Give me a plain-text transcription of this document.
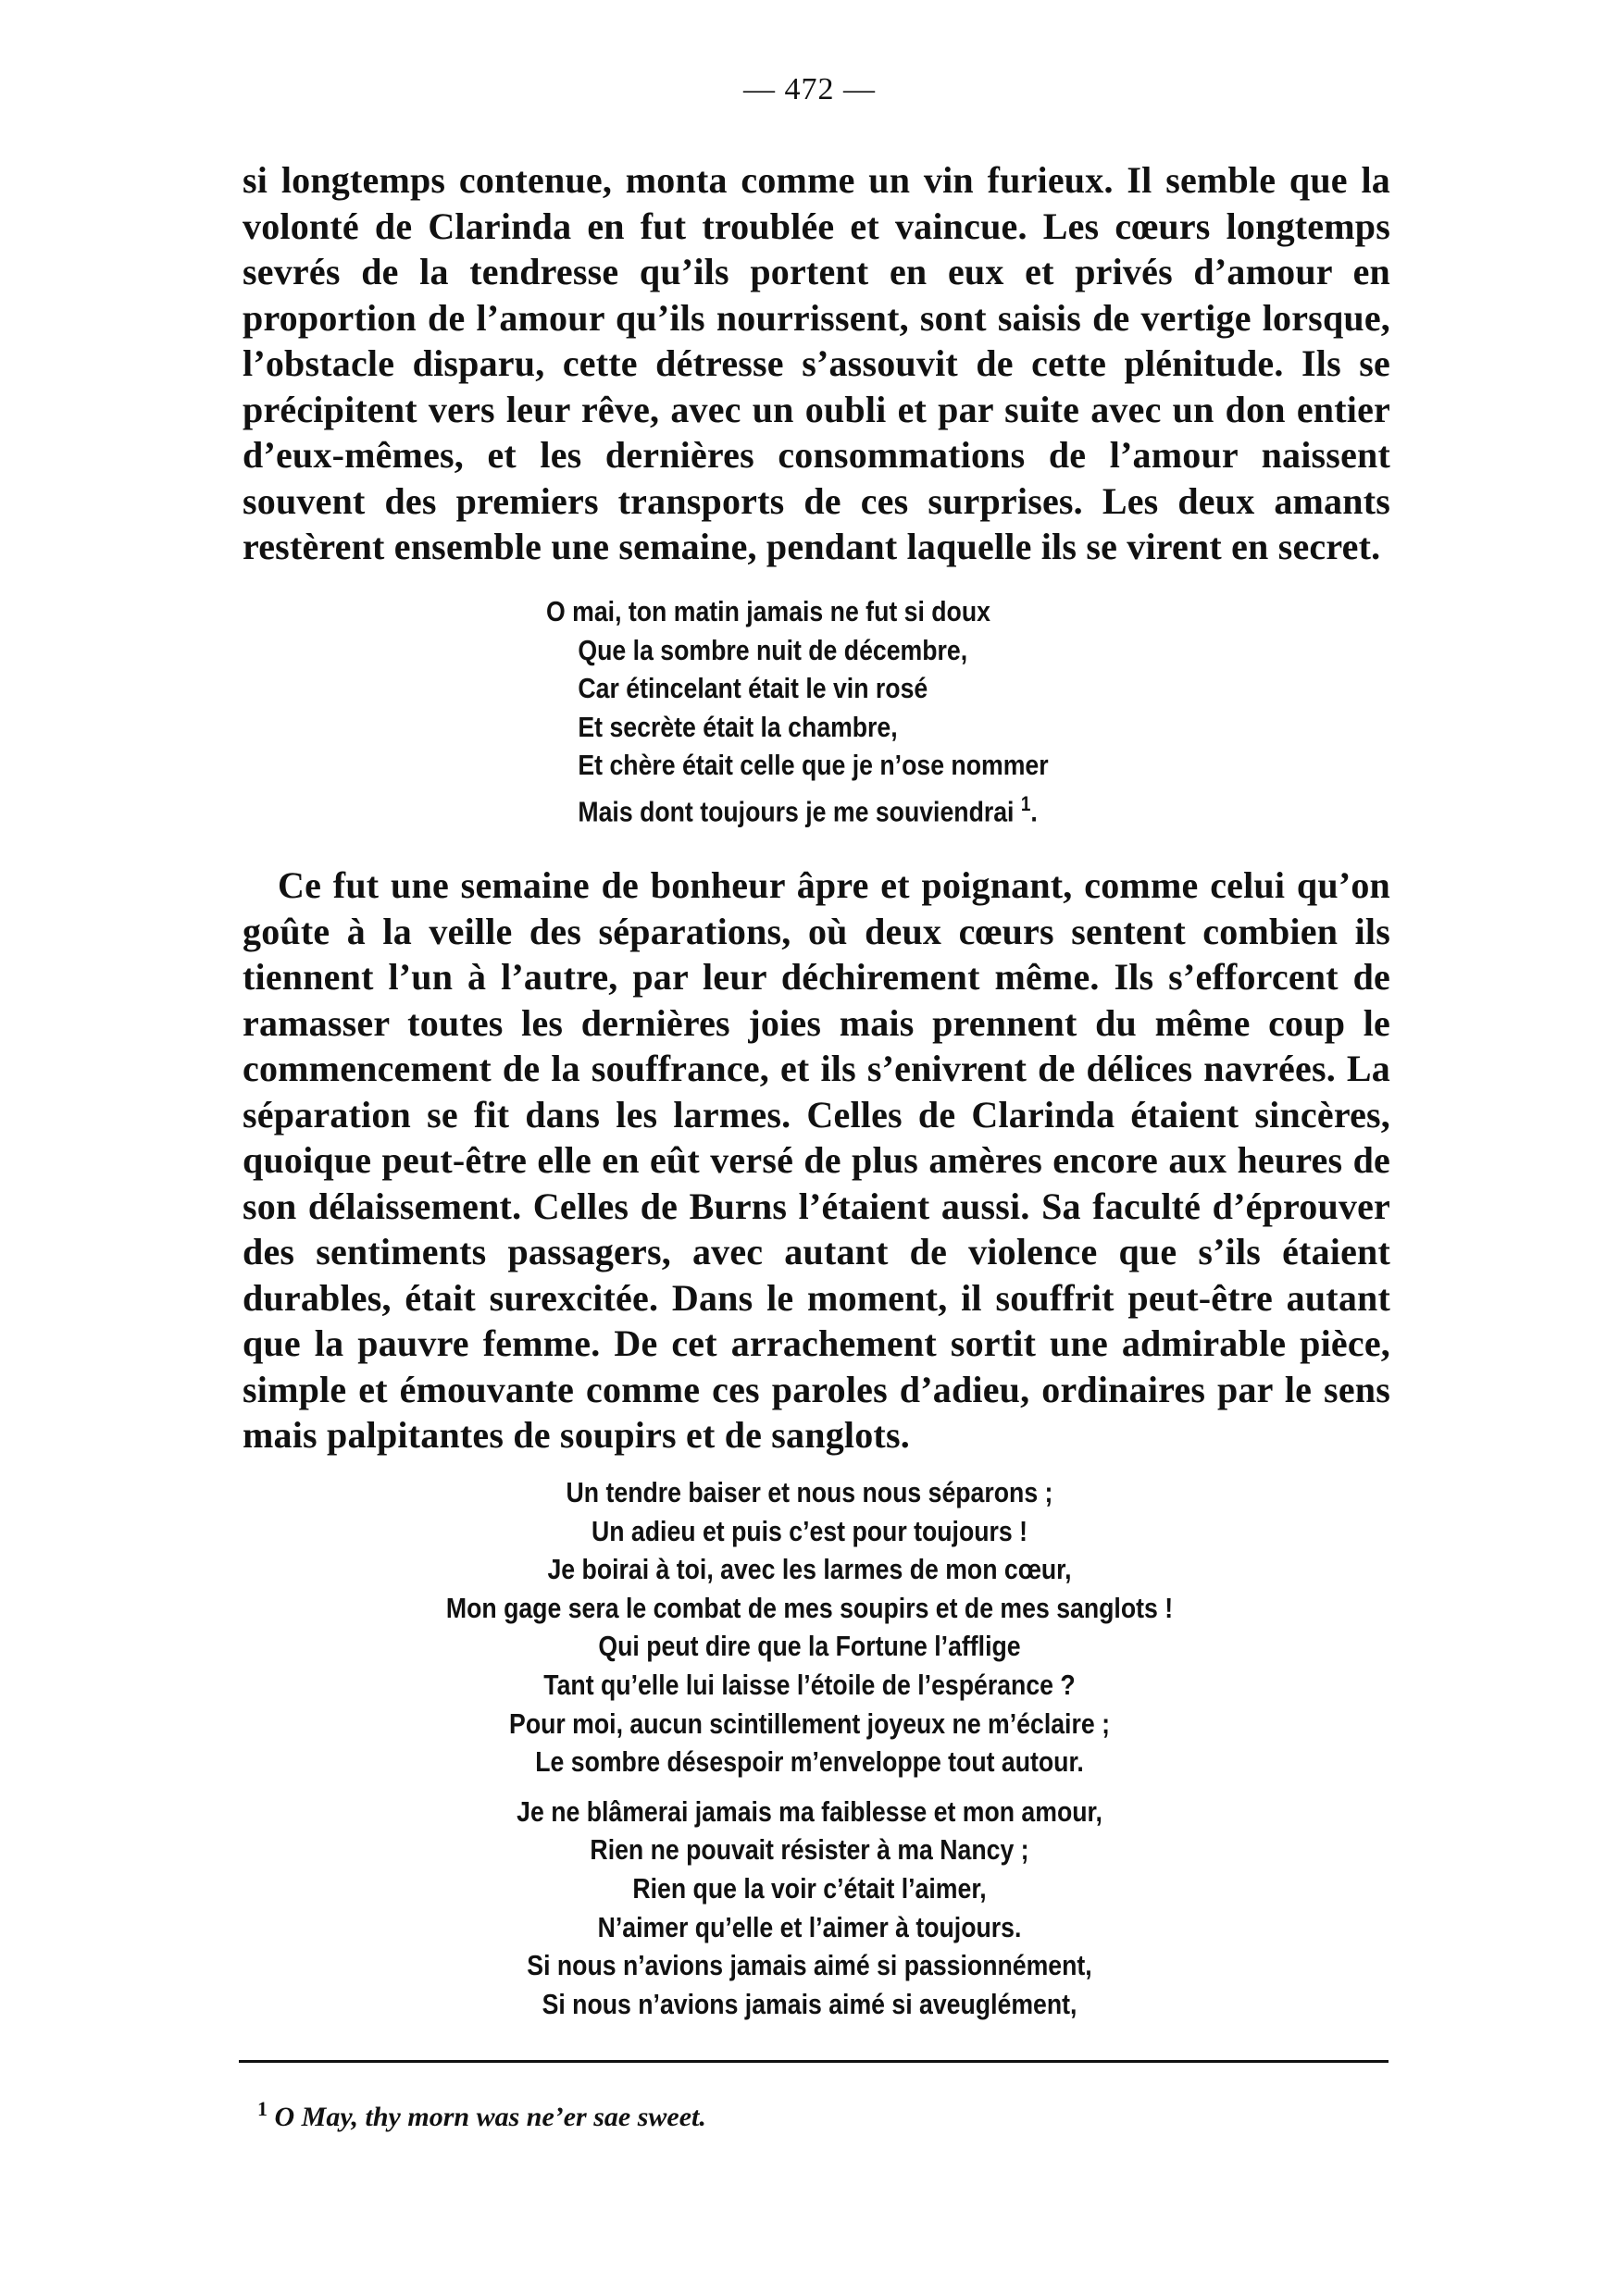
— 472 —

si longtemps contenue, monta comme un vin furieux. Il semble que la volonté de Clarinda en fut troublée et vaincue. Les cœurs longtemps sevrés de la tendresse qu’ils portent en eux et privés d’amour en proportion de l’amour qu’ils nourrissent, sont saisis de vertige lorsque, l’obstacle disparu, cette détresse s’assouvit de cette plénitude. Ils se précipitent vers leur rêve, avec un oubli et par suite avec un don entier d’eux-mêmes, et les dernières consommations de l’amour naissent souvent des premiers transports de ces surprises. Les deux amants restèrent ensemble une semaine, pendant laquelle ils se virent en secret.

O mai, ton matin jamais ne fut si doux
Que la sombre nuit de décembre,
Car étincelant était le vin rosé
Et secrète était la chambre,
Et chère était celle que je n’ose nommer
Mais dont toujours je me souviendrai $^1$.

Ce fut une semaine de bonheur âpre et poignant, comme celui qu’on goûte à la veille des séparations, où deux cœurs sentent combien ils tiennent l’un à l’autre, par leur déchirement même. Ils s’efforcent de ramasser toutes les dernières joies mais prennent du même coup le commencement de la souffrance, et ils s’enivrent de délices navrées. La séparation se fit dans les larmes. Celles de Clarinda étaient sincères, quoique peut-être elle en eût versé de plus amères encore aux heures de son délaissement. Celles de Burns l’étaient aussi. Sa faculté d’éprouver des sentiments passagers, avec autant de violence que s’ils étaient durables, était surexcitée. Dans le moment, il souffrit peut-être autant que la pauvre femme. De cet arrachement sortit une admirable pièce, simple et émouvante comme ces paroles d’adieu, ordinaires par le sens mais palpitantes de soupirs et de sanglots.

Un tendre baiser et nous nous séparons ;
Un adieu et puis c’est pour toujours !
Je boirai à toi, avec les larmes de mon cœur,
Mon gage sera le combat de mes soupirs et de mes sanglots !
Qui peut dire que la Fortune l’afflige
Tant qu’elle lui laisse l’étoile de l’espérance ?
Pour moi, aucun scintillement joyeux ne m’éclaire ;
Le sombre désespoir m’enveloppe tout autour.
Je ne blâmerai jamais ma faiblesse et mon amour,
Rien ne pouvait résister à ma Nancy ;
Rien que la voir c’était l’aimer,
N’aimer qu’elle et l’aimer à toujours.
Si nous n’avions jamais aimé si passionnément,
Si nous n’avions jamais aimé si aveuglément,
$^1$ O May, thy morn was ne’er sae sweet.
